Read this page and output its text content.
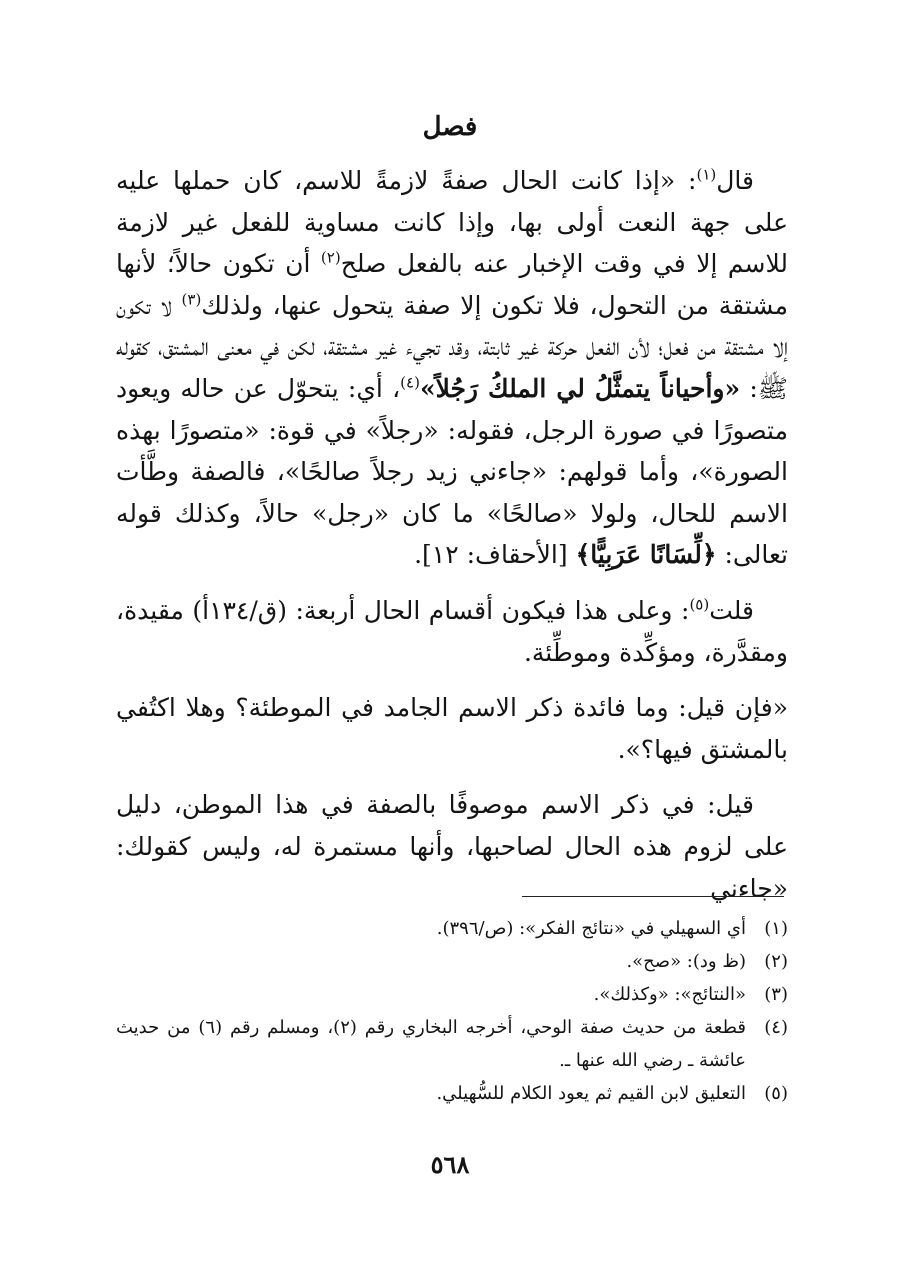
فصل

قال$^{(١)}$: «إذا كانت الحال صفةً لازمةً للاسم، كان حملها عليه على جهة النعت أولى بها، وإذا كانت مساوية للفعل غير لازمة للاسم إلا في وقت الإخبار عنه بالفعل صلح$^{(٢)}$ أن تكون حالاً؛ لأنها مشتقة من التحول، فلا تكون إلا صفة يتحول عنها، ولذلك$^{(٣)}$ لا تكون إلا مشتقة من فعل؛ لأن الفعل حركة غير ثابتة، وقد تجيء غير مشتقة، لكن في معنى المشتق، كقوله ﷺ: «وأحياناً يتمثَّلُ لي الملكُ رَجُلاً»$^{(٤)}$، أي: يتحوّل عن حاله ويعود متصورًا في صورة الرجل، فقوله: «رجلاً» في قوة: «متصورًا بهذه الصورة»، وأما قولهم: «جاءني زيد رجلاً صالحًا»، فالصفة وطَّأت الاسم للحال، ولولا «صالحًا» ما كان «رجل» حالاً، وكذلك قوله تعالى: ﴿لِّسَانًا عَرَبِيًّا﴾ [الأحقاف: ١٢].

قلت$^{(٥)}$: وعلى هذا فيكون أقسام الحال أربعة: (ق/١٣٤أ) مقيدة، ومقدَّرة، ومؤكِّدة وموطِّئة.

«فإن قيل: وما فائدة ذكر الاسم الجامد في الموطئة؟ وهلا اكتُفي بالمشتق فيها؟».

قيل: في ذكر الاسم موصوفًا بالصفة في هذا الموطن، دليل على لزوم هذه الحال لصاحبها، وأنها مستمرة له، وليس كقولك: «جاءني

(١)
أي السهيلي في «نتائج الفكر»: (ص/٣٩٦).
(٢)
(ظ ود): «صح».
(٣)
«النتائج»: «وكذلك».
(٤)
قطعة من حديث صفة الوحي، أخرجه البخاري رقم (٢)، ومسلم رقم (٦) من حديث عائشة ـ رضي الله عنها ـ.
(٥)
التعليق لابن القيم ثم يعود الكلام للسُّهيلي.
٥٦٨
